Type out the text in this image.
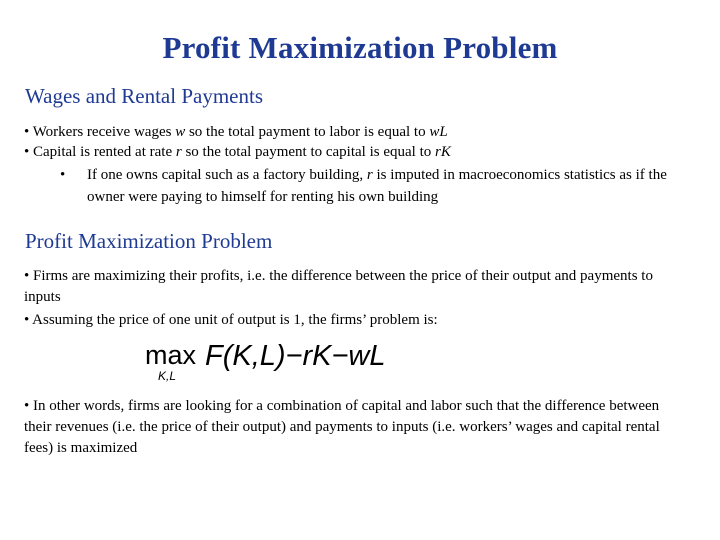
Profit Maximization Problem
Wages and Rental Payments
• Workers receive wages w so the total payment to labor is equal to wL
• Capital is rented at rate r so the total payment to capital is equal to rK
• If one owns capital such as a factory building, r is imputed in macroeconomics statistics as if the owner were paying to himself for renting his own building
Profit Maximization Problem
• Firms are maximizing their profits, i.e. the difference between the price of their output and payments to inputs
• Assuming the price of one unit of output is 1, the firms’ problem is:
max
K,L
F(K,L)−rK−wL
• In other words, firms are looking for a combination of capital and labor such that the difference between their revenues (i.e. the price of their output) and payments to inputs (i.e. workers’ wages and capital rental fees) is maximized
